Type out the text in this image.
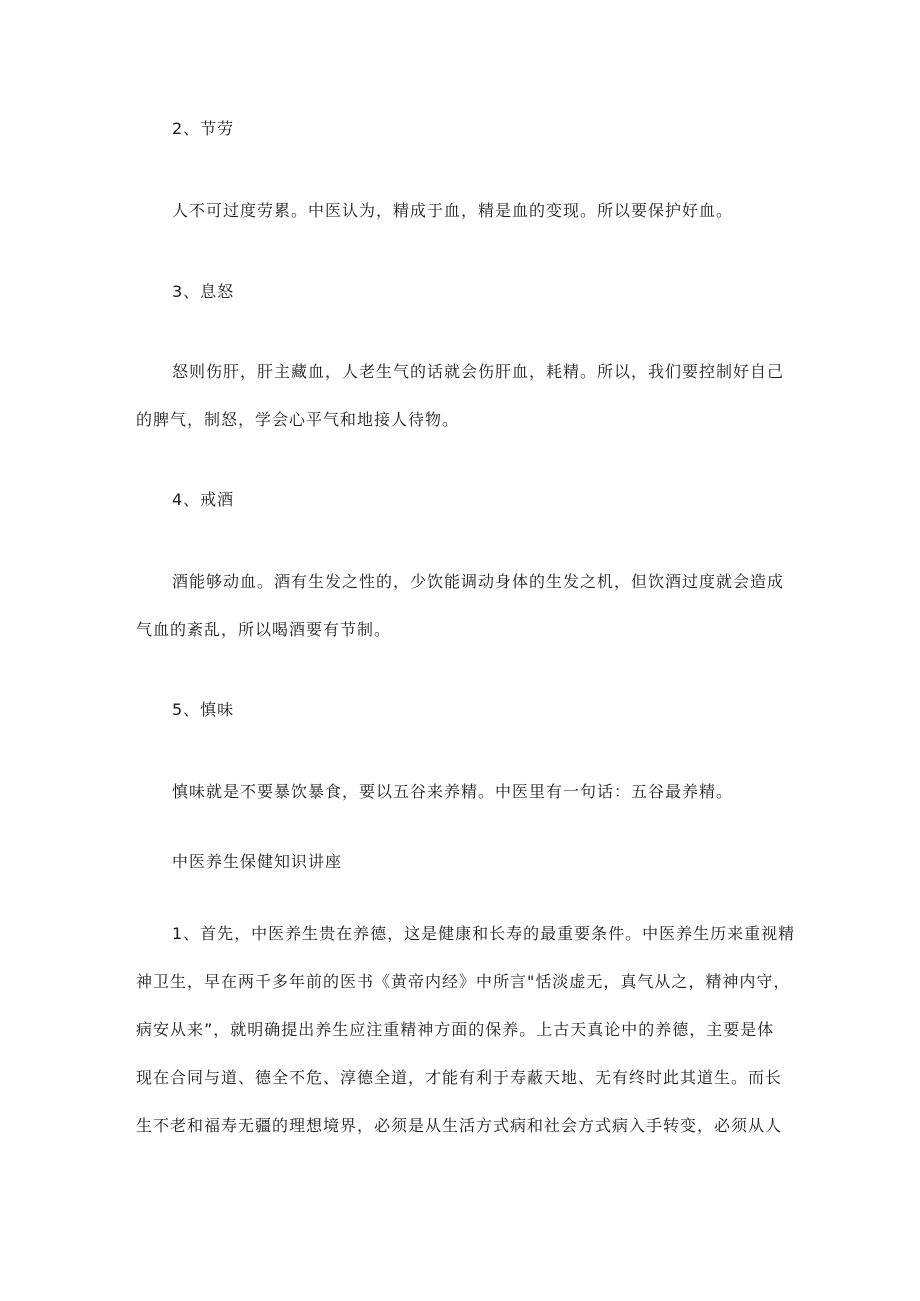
2、节劳
人不可过度劳累。中医认为，精成于血，精是血的变现。所以要保护好血。
3、息怒
怒则伤肝，肝主藏血，人老生气的话就会伤肝血，耗精。所以，我们要控制好自己
的脾气，制怒，学会心平气和地接人待物。
4、戒酒
酒能够动血。酒有生发之性的，少饮能调动身体的生发之机，但饮酒过度就会造成
气血的紊乱，所以喝酒要有节制。
5、慎味
慎味就是不要暴饮暴食，要以五谷来养精。中医里有一句话：五谷最养精。
中医养生保健知识讲座
1、首先，中医养生贵在养德，这是健康和长寿的最重要条件。中医养生历来重视精
神卫生，早在两千多年前的医书《黄帝内经》中所言"恬淡虚无，真气从之，精神内守，
病安从来”，就明确提出养生应注重精神方面的保养。上古天真论中的养德，主要是体
现在合同与道、德全不危、淳德全道，才能有利于寿蔽天地、无有终时此其道生。而长
生不老和福寿无疆的理想境界，必须是从生活方式病和社会方式病入手转变，必须从人
